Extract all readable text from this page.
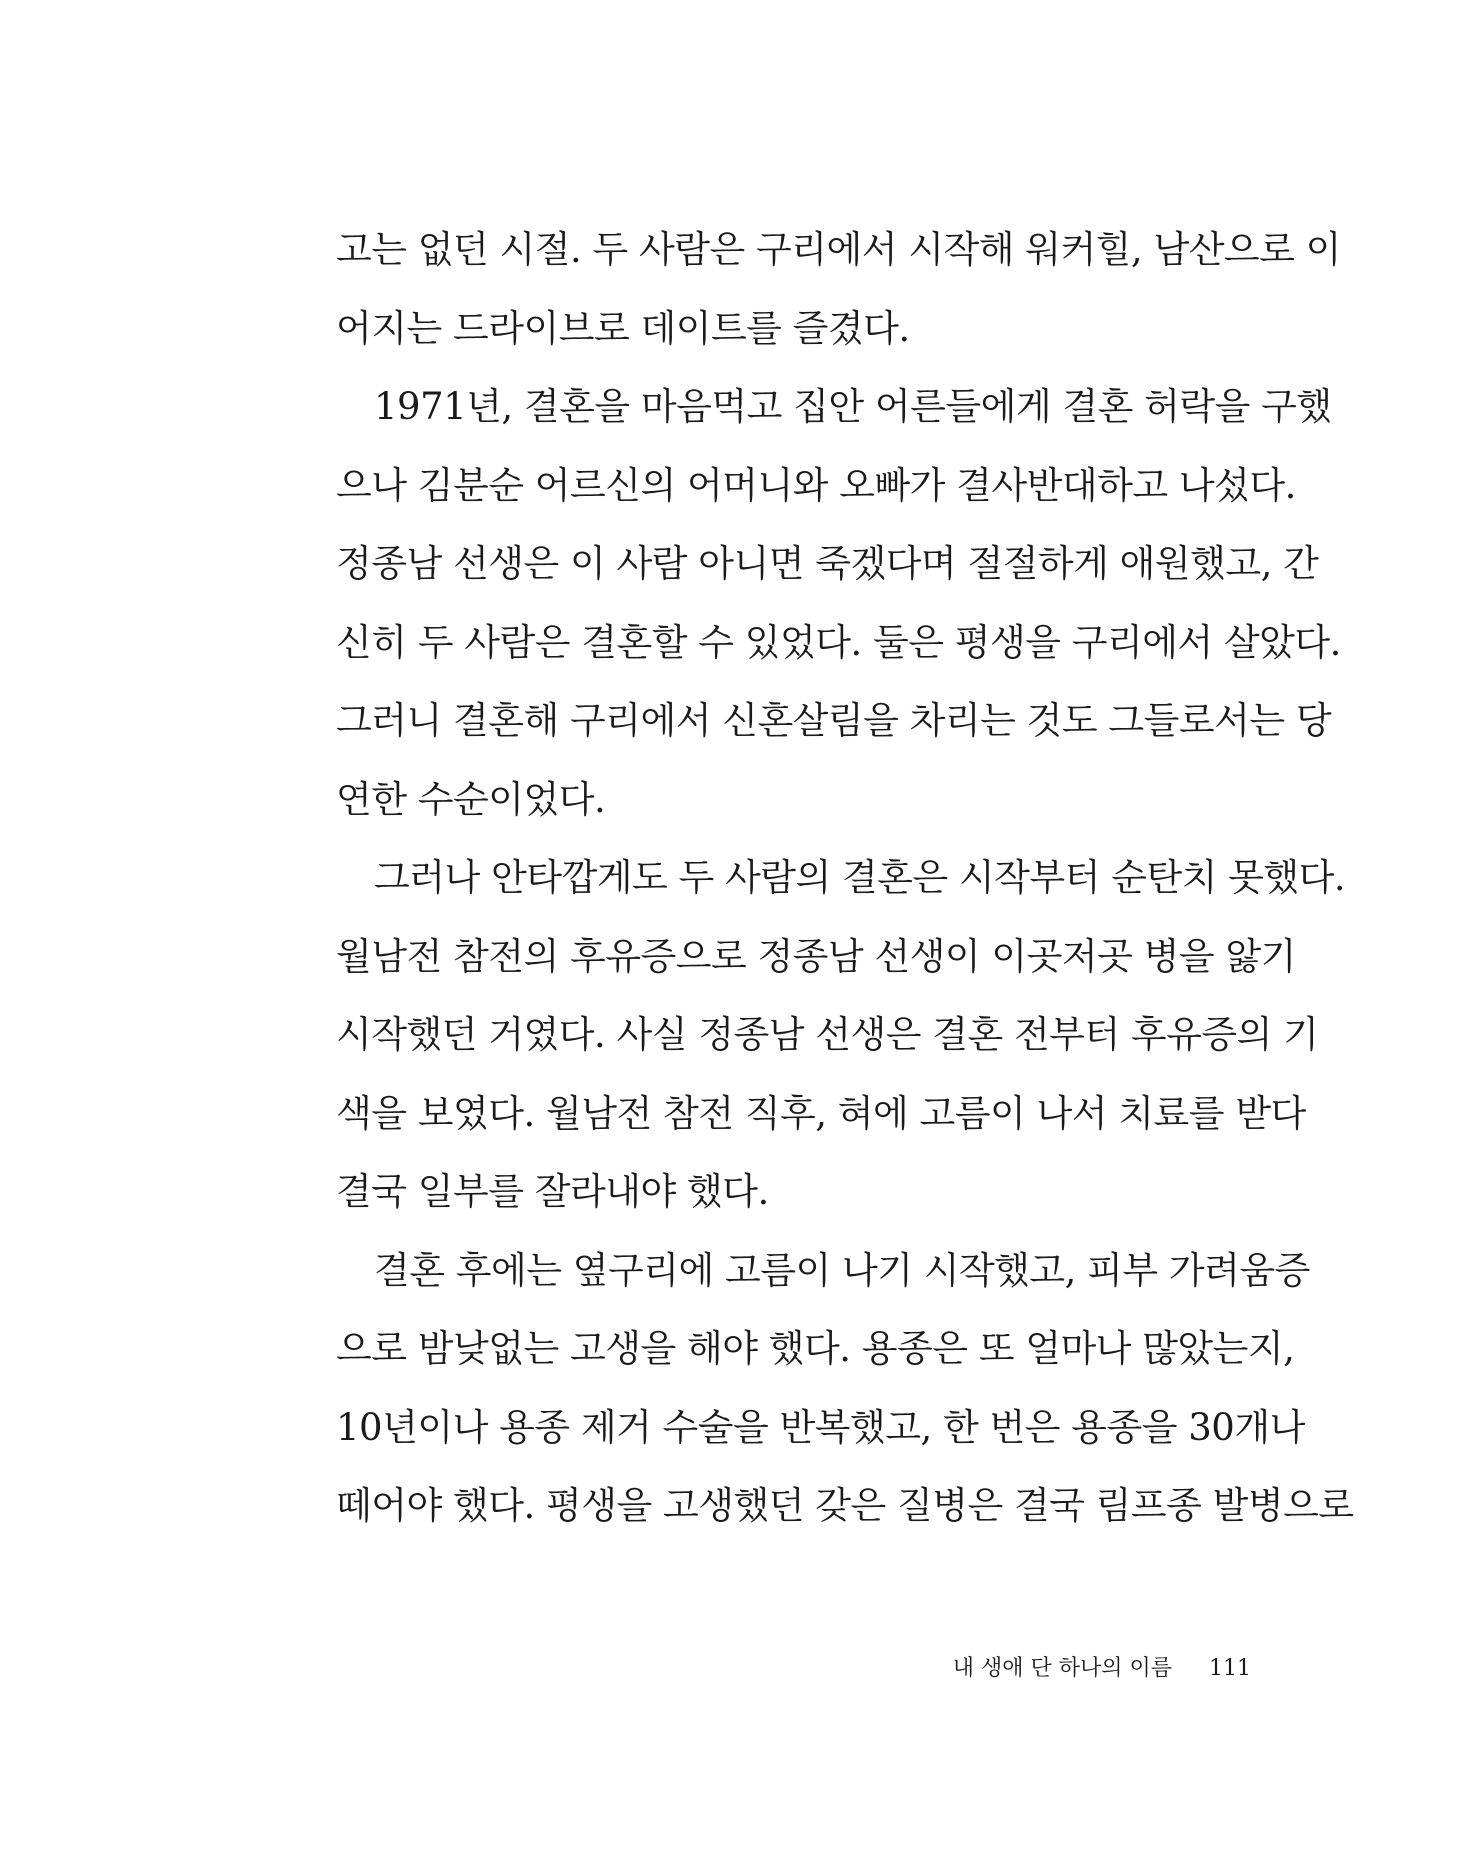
고는 없던 시절. 두 사람은 구리에서 시작해 워커힐, 남산으로 이
어지는 드라이브로 데이트를 즐겼다.
1971년, 결혼을 마음먹고 집안 어른들에게 결혼 허락을 구했
으나 김분순 어르신의 어머니와 오빠가 결사반대하고 나섰다.
정종남 선생은 이 사람 아니면 죽겠다며 절절하게 애원했고, 간
신히 두 사람은 결혼할 수 있었다. 둘은 평생을 구리에서 살았다.
그러니 결혼해 구리에서 신혼살림을 차리는 것도 그들로서는 당
연한 수순이었다.
그러나 안타깝게도 두 사람의 결혼은 시작부터 순탄치 못했다.
월남전 참전의 후유증으로 정종남 선생이 이곳저곳 병을 앓기
시작했던 거였다. 사실 정종남 선생은 결혼 전부터 후유증의 기
색을 보였다. 월남전 참전 직후, 혀에 고름이 나서 치료를 받다
결국 일부를 잘라내야 했다.
결혼 후에는 옆구리에 고름이 나기 시작했고, 피부 가려움증
으로 밤낮없는 고생을 해야 했다. 용종은 또 얼마나 많았는지,
10년이나 용종 제거 수술을 반복했고, 한 번은 용종을 30개나
떼어야 했다. 평생을 고생했던 갖은 질병은 결국 림프종 발병으로
내 생애 단 하나의 이름 111
